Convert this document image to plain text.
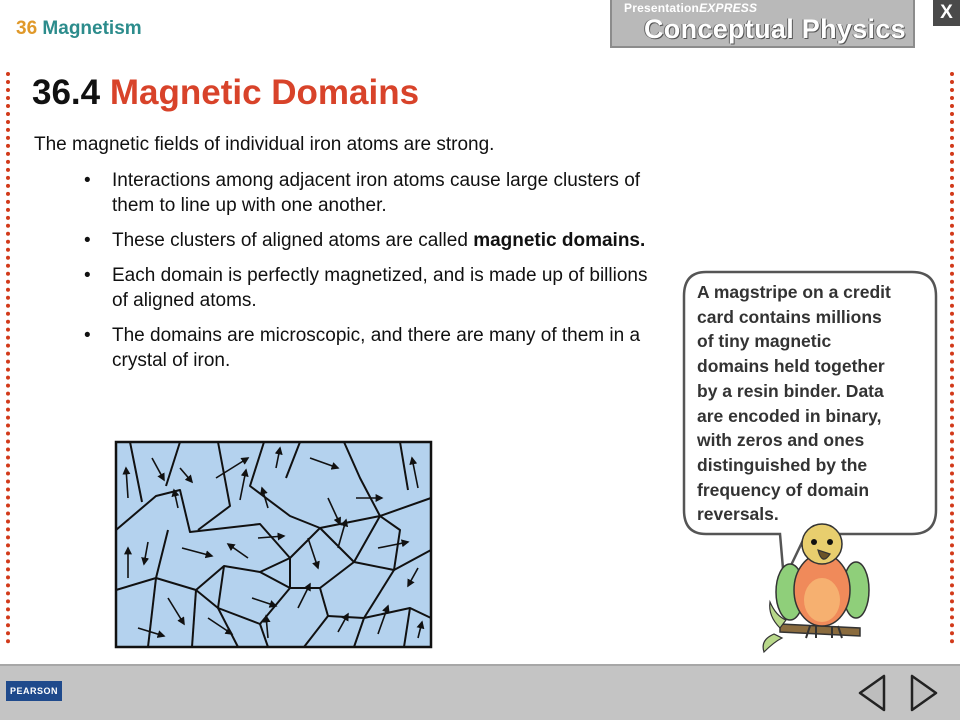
36 Magnetism
PresentationEXPRESS
Conceptual Physics
X
36.4 Magnetic Domains
The magnetic fields of individual iron atoms are strong.
• Interactions among adjacent iron atoms cause large clusters of them to line up with one another.
• These clusters of aligned atoms are called magnetic domains.
• Each domain is perfectly magnetized, and is made up of billions of aligned atoms.
• The domains are microscopic, and there are many of them in a crystal of iron.
A magstripe on a credit
card contains millions
of tiny magnetic
domains held together
by a resin binder. Data
are encoded in binary,
with zeros and ones
distinguished by the
frequency of domain
reversals.
PEARSON
